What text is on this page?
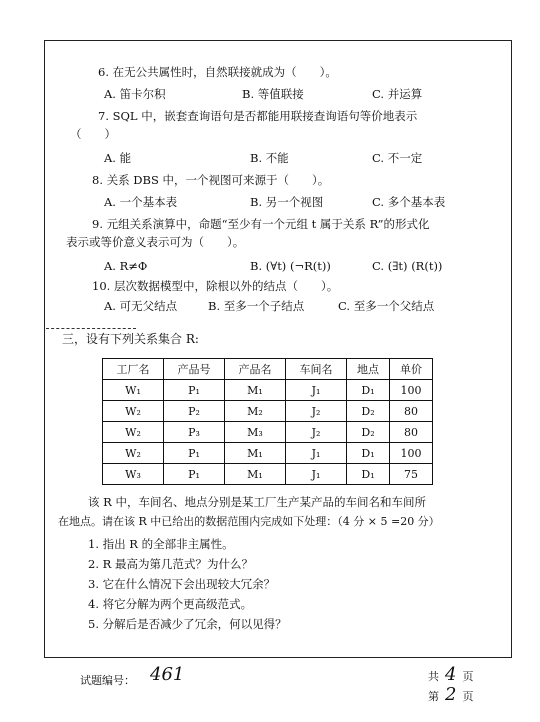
6. 在无公共属性时，自然联接就成为（　　）。
A. 笛卡尔积	B. 等值联接	C. 并运算
7. SQL 中，嵌套查询语句是否都能用联接查询语句等价地表示
（　　）
A. 能	B. 不能	C. 不一定
8. 关系 DBS 中，一个视图可来源于（　　）。
A. 一个基本表	B. 另一个视图	C. 多个基本表
9. 元组关系演算中，命题“至少有一个元组 t 属于关系 R”的形式化
表示或等价意义表示可为（　　）。
A. R≠Φ	B. (∀t) (¬R(t))	C. (∃t) (R(t))
10. 层次数据模型中，除根以外的结点（　　）。
A. 可无父结点	B. 至多一个子结点	C. 至多一个父结点
三，设有下列关系集合 R:
工厂名	产品号	产品名	车间名	地点	单价
W₁	P₁	M₁	J₁	D₁	100
W₂	P₂	M₂	J₂	D₂	80
W₂	P₃	M₃	J₂	D₂	80
W₂	P₁	M₁	J₁	D₁	100
W₃	P₁	M₁	J₁	D₁	75
该 R 中，车间名、地点分别是某工厂生产某产品的车间名和车间所
在地点。请在该 R 中已给出的数据范围内完成如下处理：（4 分 × 5 =20 分）
1. 指出 R 的全部非主属性。
2. R 最高为第几范式？为什么？
3. 它在什么情况下会出现较大冗余？
4. 将它分解为两个更高级范式。
5. 分解后是否减少了冗余，何以见得？
试题编号： 461	共 4 页
第 2 页
